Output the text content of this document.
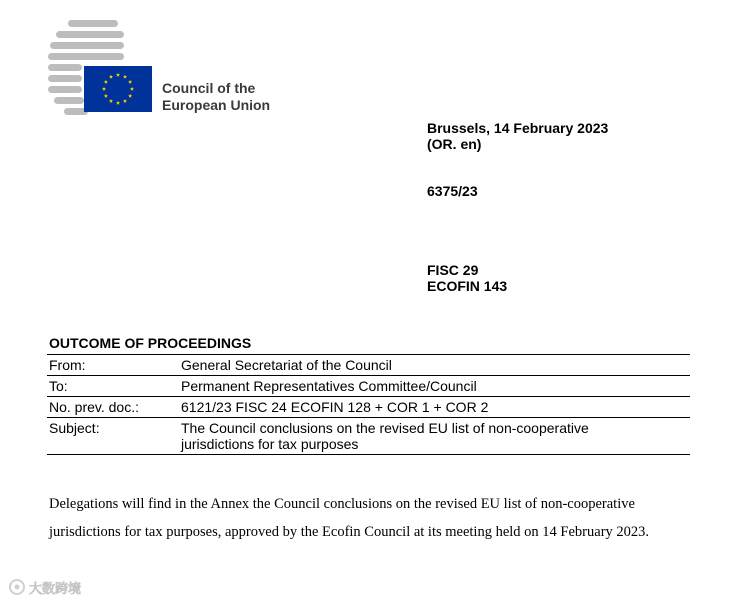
Council of the
European Union
Brussels, 14 February 2023
(OR. en)
6375/23
FISC 29
ECOFIN 143
OUTCOME OF PROCEEDINGS
From:	General Secretariat of the Council
To:	Permanent Representatives Committee/Council
No. prev. doc.:	6121/23 FISC 24 ECOFIN 128 + COR 1 + COR 2
Subject:	The Council conclusions on the revised EU list of non-cooperative jurisdictions for tax purposes
Delegations will find in the Annex the Council conclusions on the revised EU list of non-cooperative jurisdictions for tax purposes, approved by the Ecofin Council at its meeting held on 14 February 2023.
大数跨境
